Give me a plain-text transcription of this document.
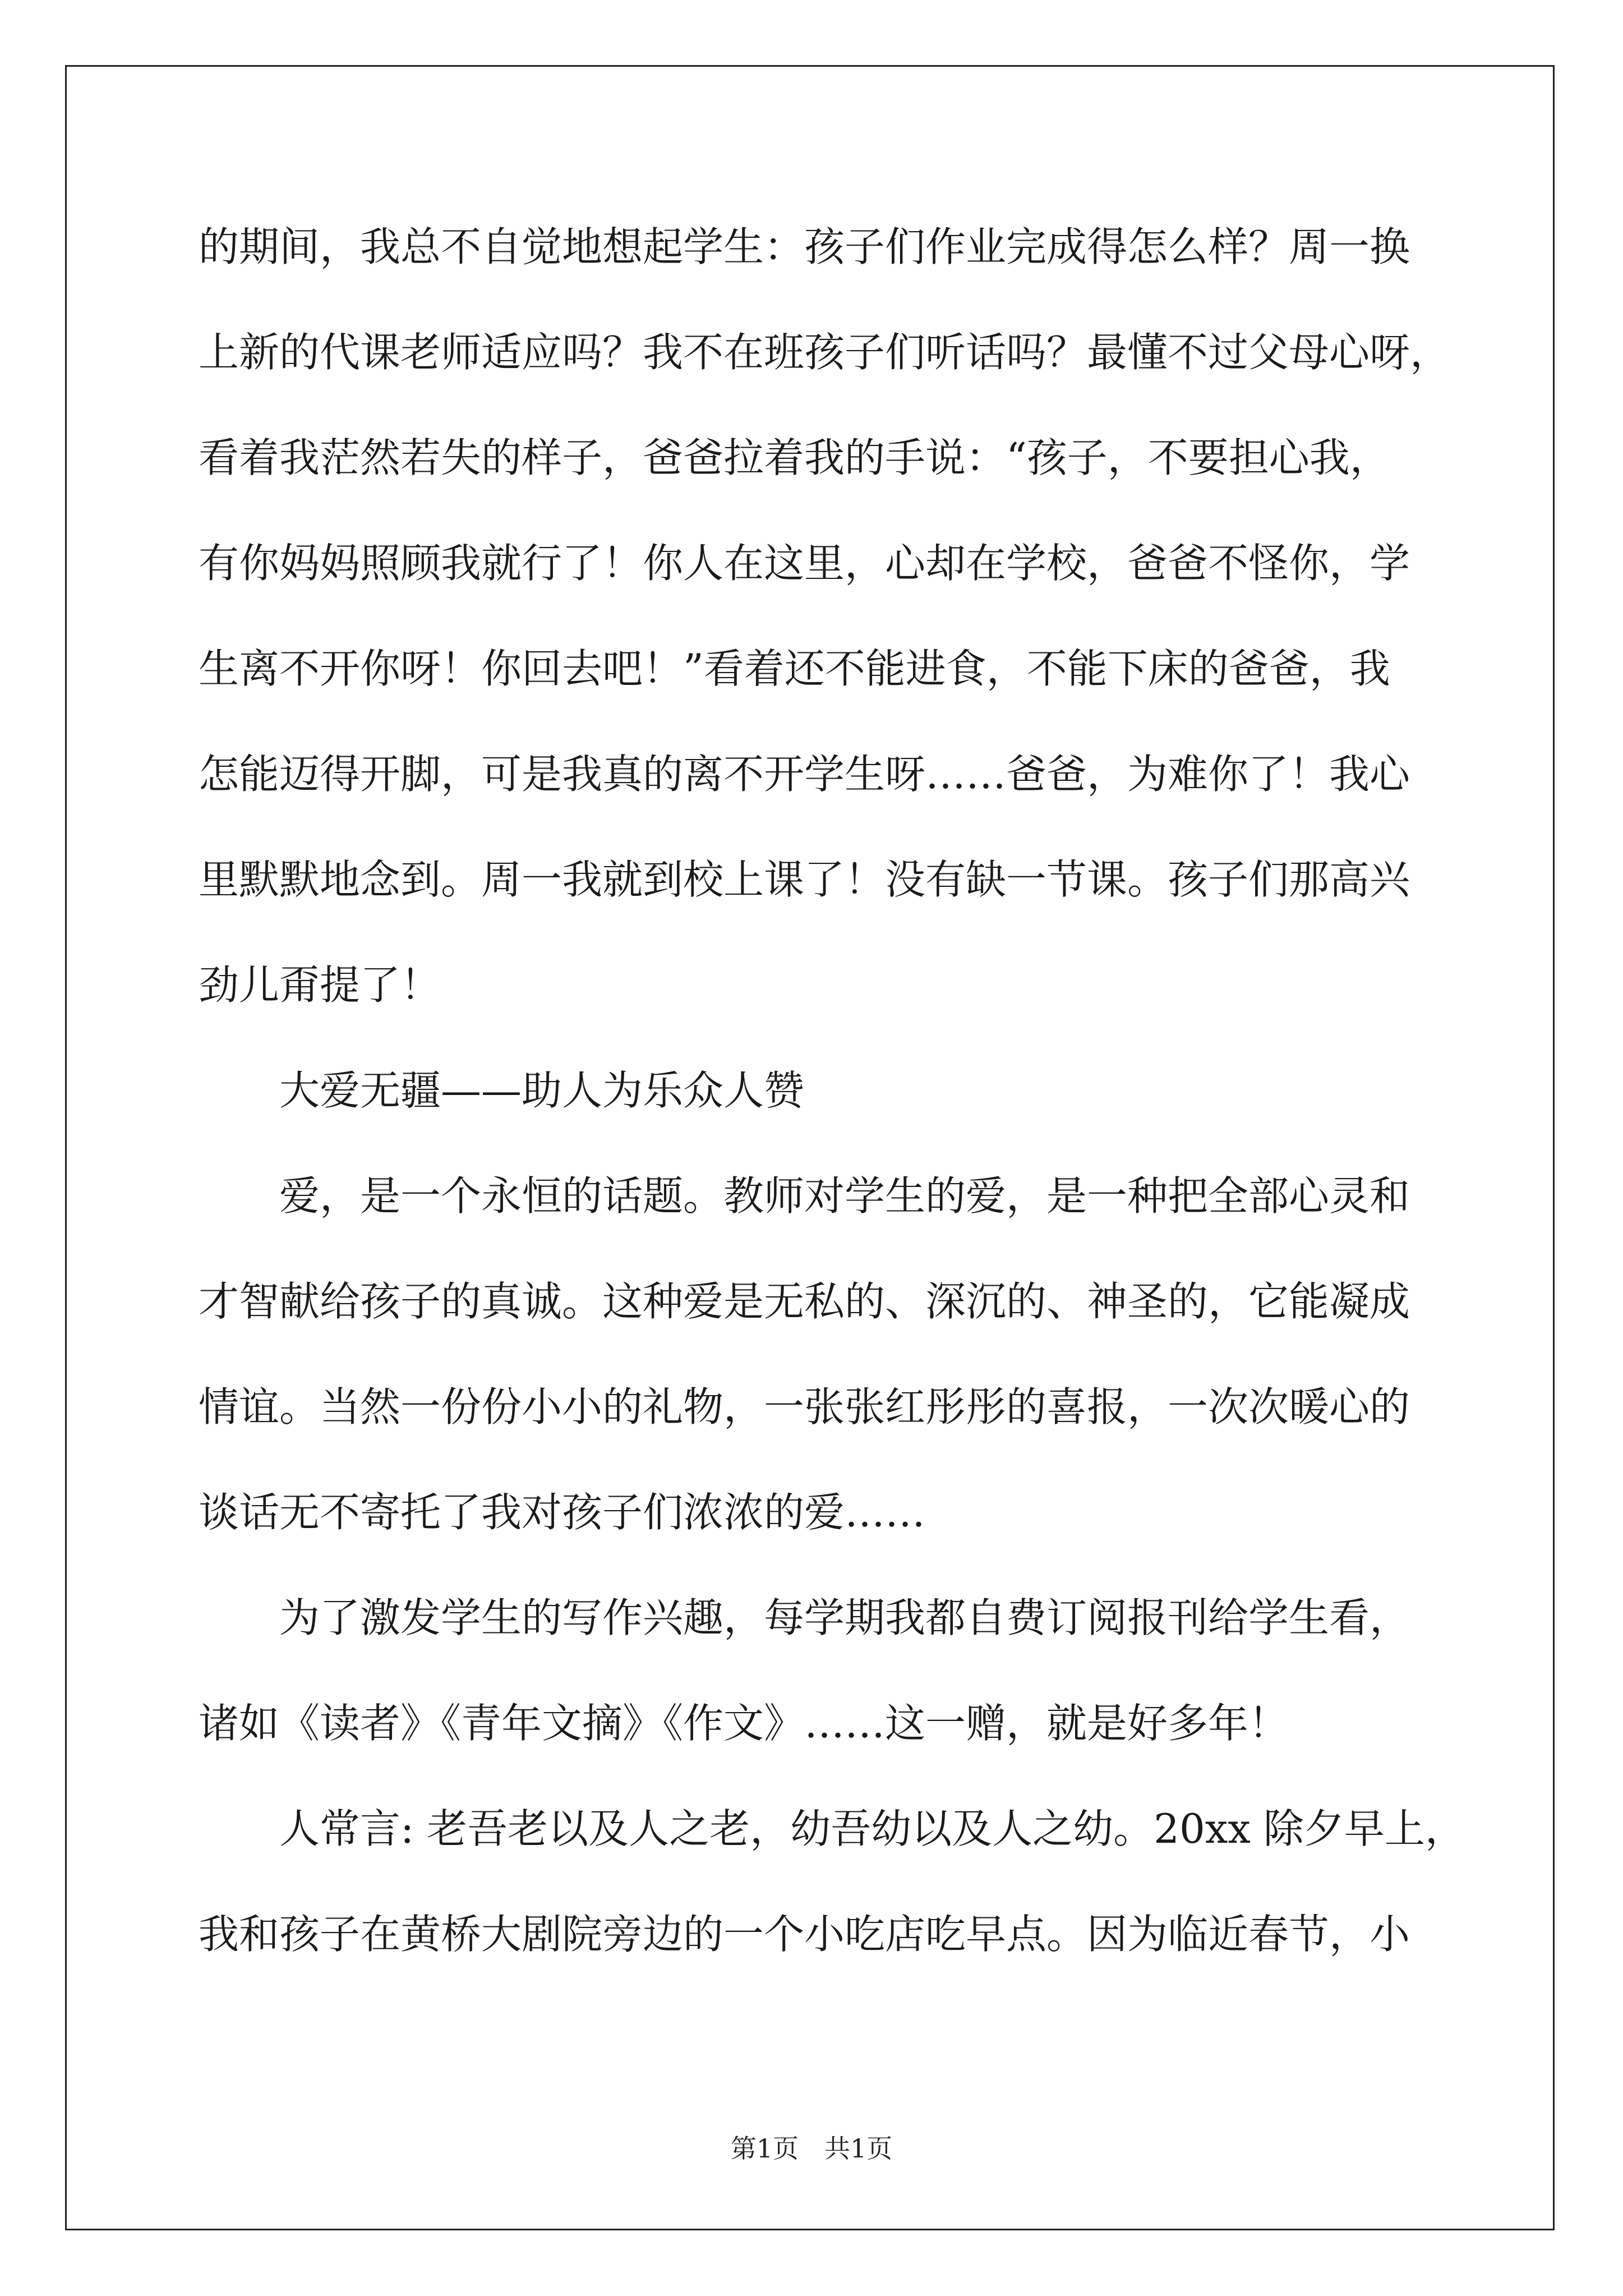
的期间，我总不自觉地想起学生：孩子们作业完成得怎么样？周一换
上新的代课老师适应吗？我不在班孩子们听话吗？最懂不过父母心呀，
看着我茫然若失的样子，爸爸拉着我的手说：“孩子，不要担心我，
有你妈妈照顾我就行了！你人在这里，心却在学校，爸爸不怪你，学
生离不开你呀！你回去吧！”看着还不能进食，不能下床的爸爸，我
怎能迈得开脚，可是我真的离不开学生呀……爸爸，为难你了！我心
里默默地念到。周一我就到校上课了！没有缺一节课。孩子们那高兴
劲儿甭提了！
大爱无疆——助人为乐众人赞
爱，是一个永恒的话题。教师对学生的爱，是一种把全部心灵和
才智献给孩子的真诚。这种爱是无私的、深沉的、神圣的，它能凝成
情谊。当然一份份小小的礼物，一张张红彤彤的喜报，一次次暖心的
谈话无不寄托了我对孩子们浓浓的爱……
为了激发学生的写作兴趣，每学期我都自费订阅报刊给学生看，
诸如《读者》《青年文摘》《作文》……这一赠，就是好多年！
人常言: 老吾老以及人之老，幼吾幼以及人之幼。20xx 除夕早上，
我和孩子在黄桥大剧院旁边的一个小吃店吃早点。因为临近春节，小
第1页　共1页
